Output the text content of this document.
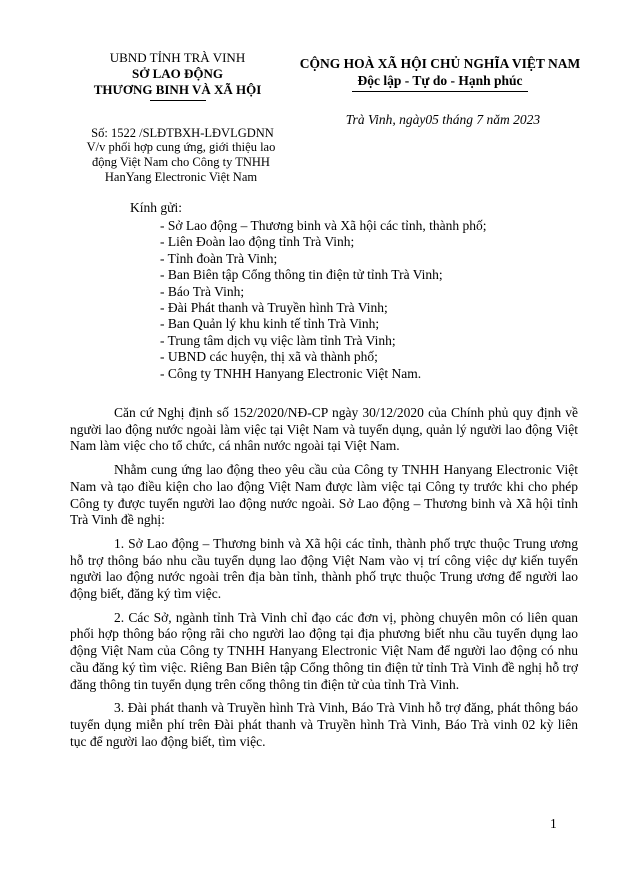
UBND TỈNH TRÀ VINH
SỞ LAO ĐỘNG
THƯƠNG BINH VÀ XÃ HỘI
CỘNG HOÀ XÃ HỘI CHỦ NGHĨA VIỆT NAM
Độc lập - Tự do - Hạnh phúc
Trà Vinh, ngày05 tháng 7 năm 2023
Số: 1522 /SLĐTBXH-LĐVLGDNN
V/v phối hợp cung ứng, giới thiệu lao
động Việt Nam cho Công ty TNHH
HanYang Electronic Việt Nam
Kính gửi:
- Sở Lao động – Thương binh và Xã hội các tỉnh, thành phố;
- Liên Đoàn lao động tỉnh Trà Vinh;
- Tỉnh đoàn Trà Vinh;
- Ban Biên tập Cổng thông tin điện tử tỉnh Trà Vinh;
- Báo Trà Vinh;
- Đài Phát thanh và Truyền hình Trà Vinh;
- Ban Quản lý khu kinh tế tỉnh Trà Vinh;
- Trung tâm dịch vụ việc làm tỉnh Trà Vinh;
- UBND các huyện, thị xã và thành phố;
- Công ty TNHH Hanyang Electronic Việt Nam.

Căn cứ Nghị định số 152/2020/NĐ-CP ngày 30/12/2020 của Chính phủ quy định về người lao động nước ngoài làm việc tại Việt Nam và tuyển dụng, quản lý người lao động Việt Nam làm việc cho tổ chức, cá nhân nước ngoài tại Việt Nam.

Nhằm cung ứng lao động theo yêu cầu của Công ty TNHH Hanyang Electronic Việt Nam và tạo điều kiện cho lao động Việt Nam được làm việc tại Công ty trước khi cho phép Công ty được tuyển người lao động nước ngoài. Sở Lao động – Thương binh và Xã hội tỉnh Trà Vinh đề nghị:

1. Sở Lao động – Thương binh và Xã hội các tỉnh, thành phố trực thuộc Trung ương hỗ trợ thông báo nhu cầu tuyển dụng lao động Việt Nam vào vị trí công việc dự kiến tuyển người lao động nước ngoài trên địa bàn tỉnh, thành phố trực thuộc Trung ương để người lao động biết, đăng ký tìm việc.

2. Các Sở, ngành tỉnh Trà Vinh chỉ đạo các đơn vị, phòng chuyên môn có liên quan phối hợp thông báo rộng rãi cho người lao động tại địa phương biết nhu cầu tuyển dụng lao động Việt Nam của Công ty TNHH Hanyang Electronic Việt Nam để người lao động có nhu cầu đăng ký tìm việc. Riêng Ban Biên tập Cổng thông tin điện tử tỉnh Trà Vinh đề nghị hỗ trợ đăng thông tin tuyển dụng trên cổng thông tin điện tử của tỉnh Trà Vinh.

3. Đài phát thanh và Truyền hình Trà Vinh, Báo Trà Vinh hỗ trợ đăng, phát thông báo tuyển dụng miễn phí trên Đài phát thanh và Truyền hình Trà Vinh, Báo Trà vinh 02 kỳ liên tục để người lao động biết, tìm việc.

1
